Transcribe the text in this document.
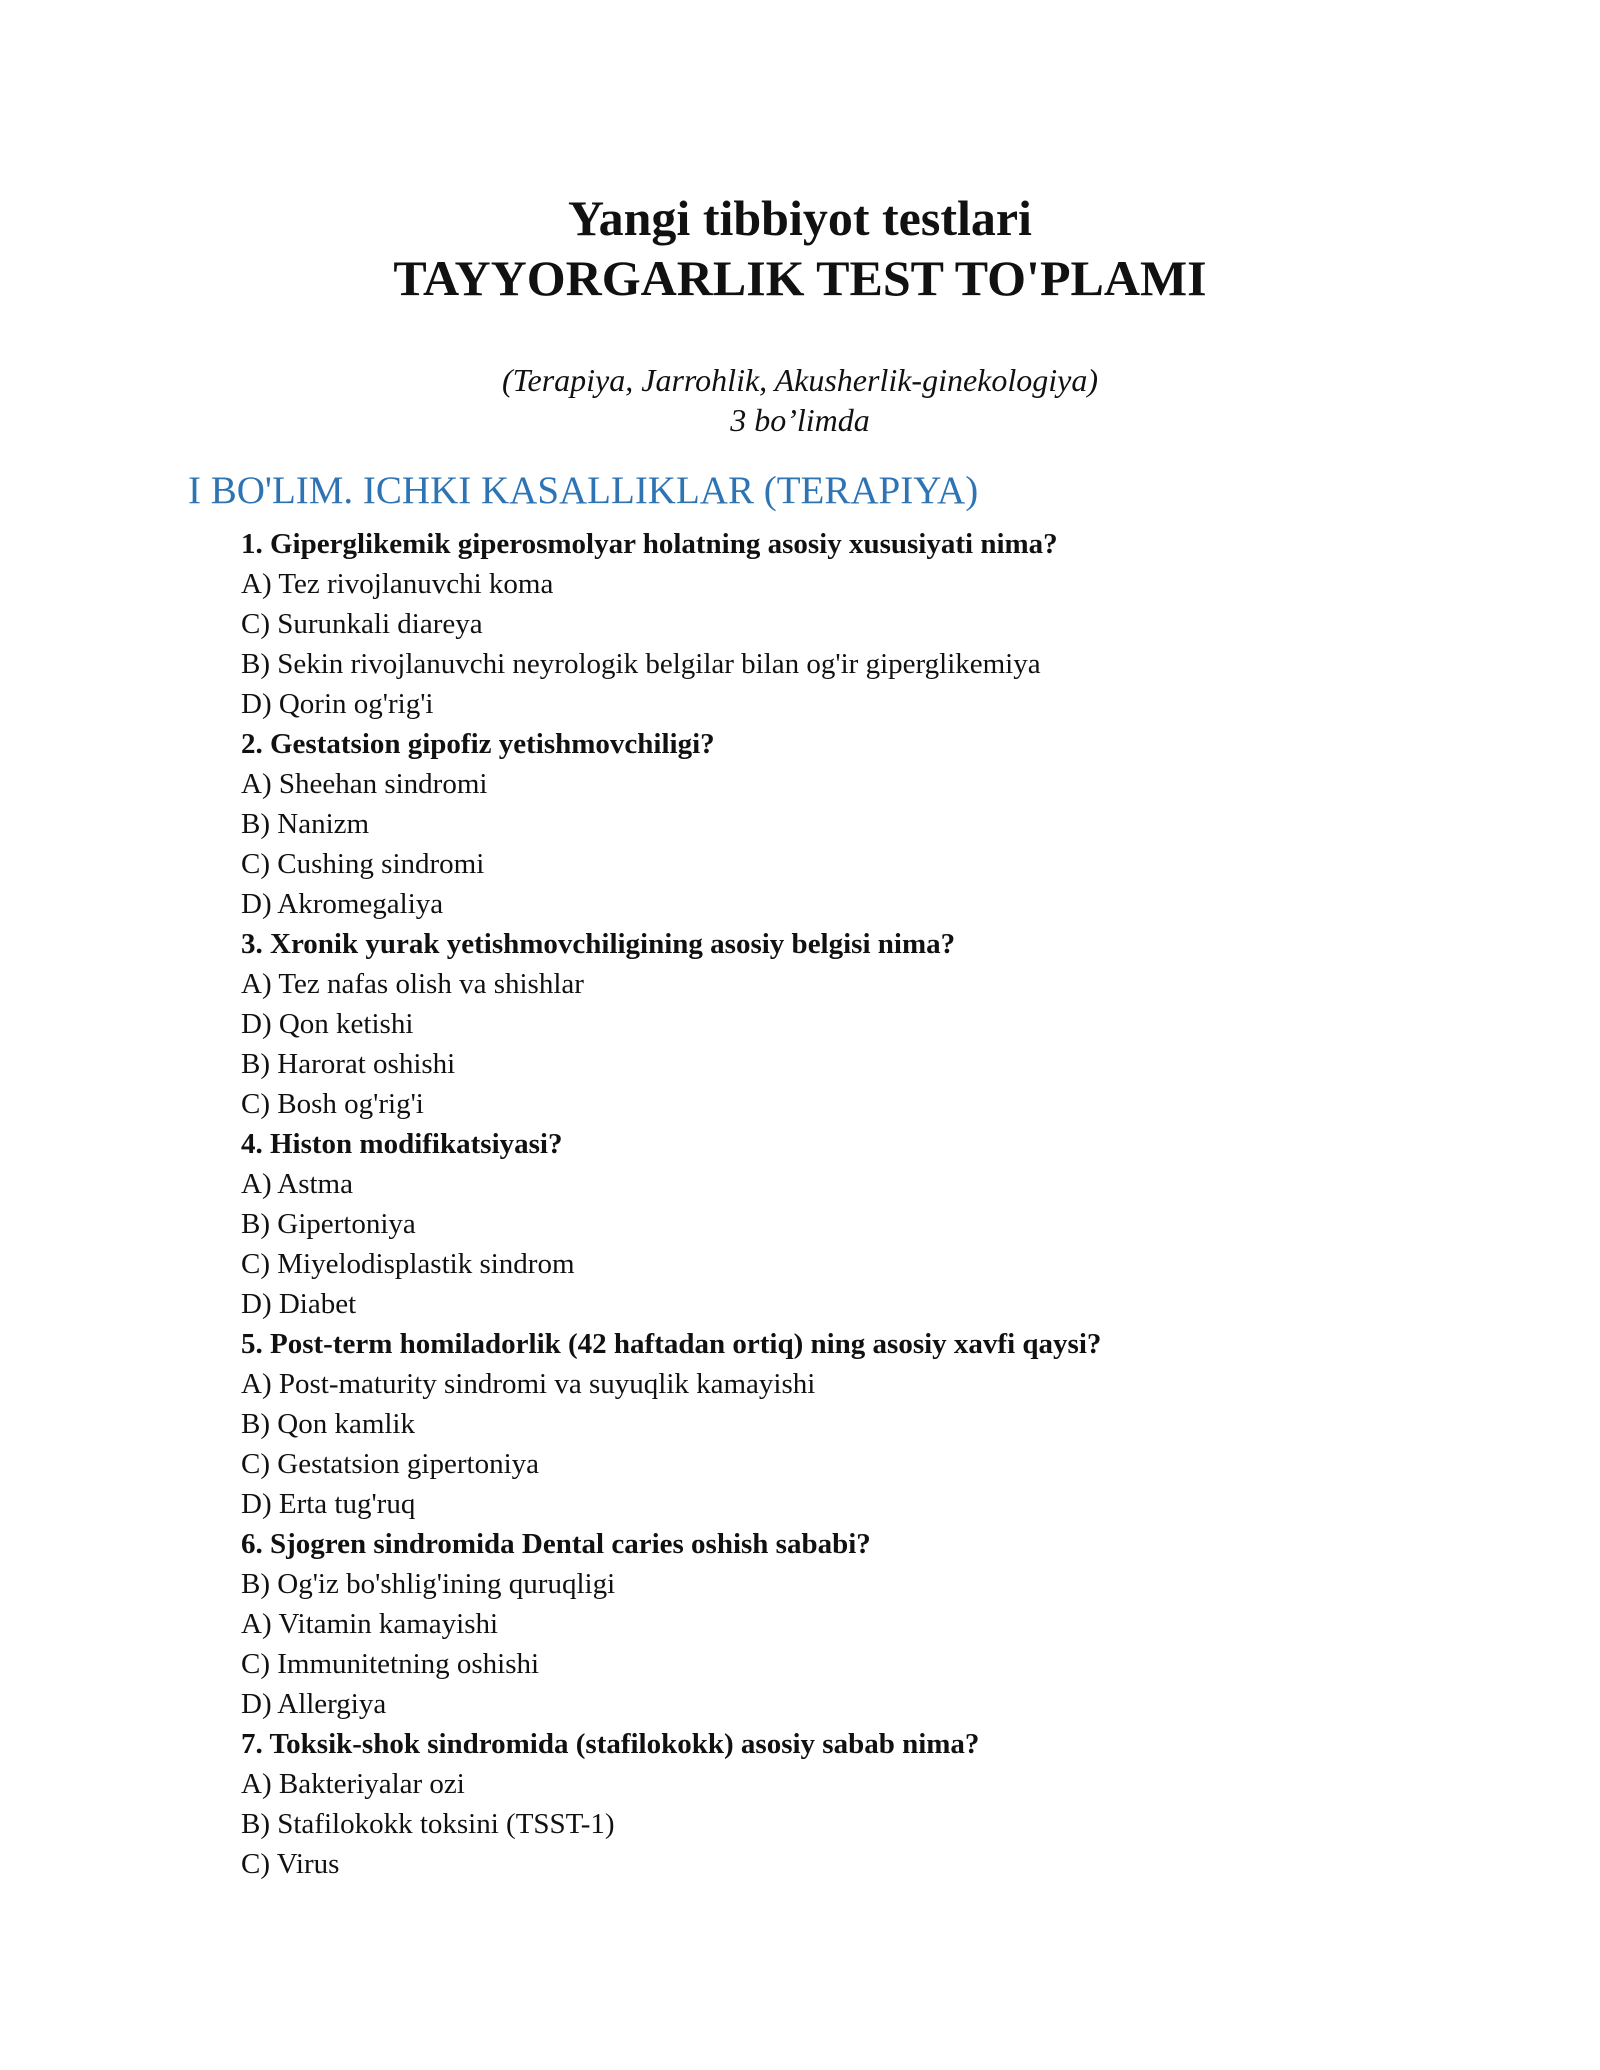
Yangi tibbiyot testlari

TAYYORGARLIK TEST TO'PLAMI

(Terapiya, Jarrohlik, Akusherlik-ginekologiya)
3 bo’limda
I BO'LIM. ICHKI KASALLIKLAR (TERAPIYA)
1. Giperglikemik giperosmolyar holatning asosiy xususiyati nima?
A) Tez rivojlanuvchi koma
C) Surunkali diareya
B) Sekin rivojlanuvchi neyrologik belgilar bilan og'ir giperglikemiya
D) Qorin og'rig'i
2. Gestatsion gipofiz yetishmovchiligi?
A) Sheehan sindromi
B) Nanizm
C) Cushing sindromi
D) Akromegaliya
3. Xronik yurak yetishmovchiligining asosiy belgisi nima?
A) Tez nafas olish va shishlar
D) Qon ketishi
B) Harorat oshishi
C) Bosh og'rig'i
4. Histon modifikatsiyasi?
A) Astma
B) Gipertoniya
C) Miyelodisplastik sindrom
D) Diabet
5. Post-term homiladorlik (42 haftadan ortiq) ning asosiy xavfi qaysi?
A) Post-maturity sindromi va suyuqlik kamayishi
B) Qon kamlik
C) Gestatsion gipertoniya
D) Erta tug'ruq
6. Sjogren sindromida Dental caries oshish sababi?
B) Og'iz bo'shlig'ining quruqligi
A) Vitamin kamayishi
C) Immunitetning oshishi
D) Allergiya
7. Toksik-shok sindromida (stafilokokk) asosiy sabab nima?
A) Bakteriyalar ozi
B) Stafilokokk toksini (TSST-1)
C) Virus
